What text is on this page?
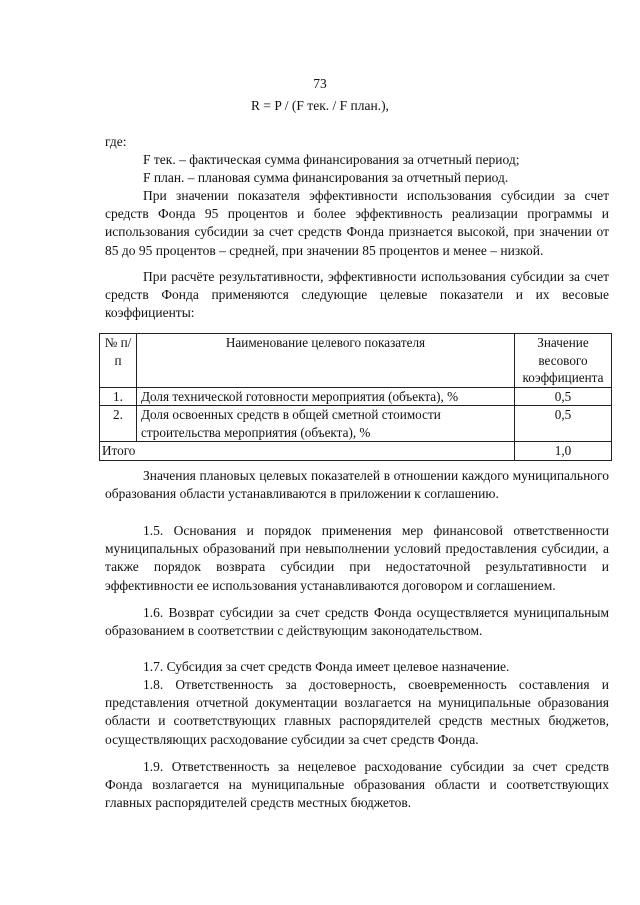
73
R = P / (F тек. / F план.),

где:

F тек. – фактическая сумма финансирования за отчетный период;

F план. – плановая сумма финансирования за отчетный период.

При значении показателя эффективности использования субсидии за счет средств Фонда 95 процентов и более эффективность реализации программы и использования субсидии за счет средств Фонда признается высокой, при значении от 85 до 95 процентов – средней, при значении 85 процентов и менее – низкой.

При расчёте результативности, эффективности использования субсидии за счет средств Фонда применяются следующие целевые показатели и их весовые коэффициенты:

№ п/п	Наименование целевого показателя	Значение весового коэффициента
1.	Доля технической готовности мероприятия (объекта), %	0,5
2.	Доля освоенных средств в общей сметной стоимости строительства мероприятия (объекта), %	0,5
Итого		1,0

Значения плановых целевых показателей в отношении каждого муниципального образования области устанавливаются в приложении к соглашению.

1.5. Основания и порядок применения мер финансовой ответственности муниципальных образований при невыполнении условий предоставления субсидии, а также порядок возврата субсидии при недостаточной результативности и эффективности ее использования устанавливаются договором и соглашением.

1.6. Возврат субсидии за счет средств Фонда осуществляется муниципальным образованием в соответствии с действующим законодательством.

1.7. Субсидия за счет средств Фонда имеет целевое назначение.

1.8. Ответственность за достоверность, своевременность составления и представления отчетной документации возлагается на муниципальные образования области и соответствующих главных распорядителей средств местных бюджетов, осуществляющих расходование субсидии за счет средств Фонда.

1.9. Ответственность за нецелевое расходование субсидии за счет средств Фонда возлагается на муниципальные образования области и соответствующих главных распорядителей средств местных бюджетов.
